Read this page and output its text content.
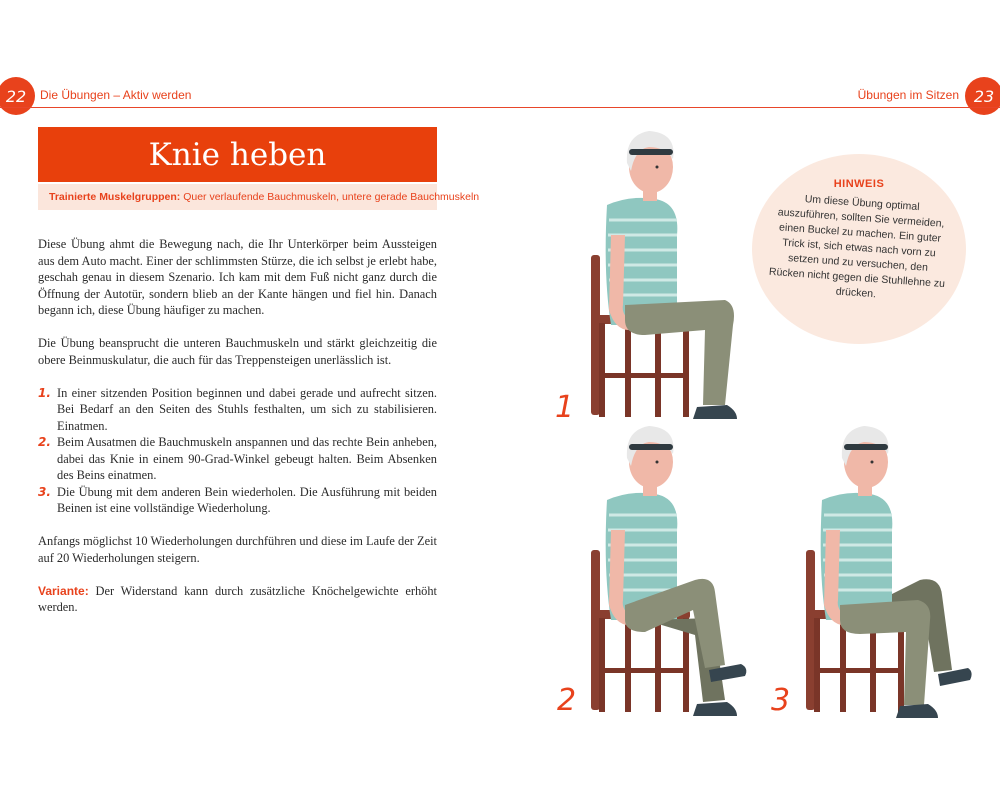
22	Die Übungen – Aktiv werden	Übungen im Sitzen 23
Knie heben
Trainierte Muskelgruppen: Quer verlaufende Bauchmuskeln, untere gerade Bauchmuskeln

Diese Übung ahmt die Bewegung nach, die Ihr Unterkörper beim Aussteigen aus dem Auto macht. Einer der schlimmsten Stürze, die ich selbst je erlebt habe, geschah genau in diesem Szenario. Ich kam mit dem Fuß nicht ganz durch die Öffnung der Autotür, sondern blieb an der Kante hängen und fiel hin. Danach begann ich, diese Übung häufiger zu machen.

Die Übung beansprucht die unteren Bauchmuskeln und stärkt gleichzeitig die obere Beinmuskulatur, die auch für das Treppensteigen unerlässlich ist.

1. In einer sitzenden Position beginnen und dabei gerade und aufrecht sitzen. Bei Bedarf an den Seiten des Stuhls festhalten, um sich zu stabilisieren. Einatmen.
2. Beim Ausatmen die Bauchmuskeln anspannen und das rechte Bein anheben, dabei das Knie in einem 90-Grad-Winkel gebeugt halten. Beim Absenken des Beins einatmen.
3. Die Übung mit dem anderen Bein wiederholen. Die Ausführung mit beiden Beinen ist eine vollständige Wiederholung.

Anfangs möglichst 10 Wiederholungen durchführen und diese im Laufe der Zeit auf 20 Wiederholungen steigern.

Variante: Der Widerstand kann durch zusätzliche Knöchelgewichte erhöht werden.

HINWEIS
Um diese Übung optimal auszuführen, sollten Sie vermeiden, einen Buckel zu machen. Ein guter Trick ist, sich etwas nach vorn zu setzen und zu versuchen, den Rücken nicht gegen die Stuhllehne zu drücken.
1
2	3
